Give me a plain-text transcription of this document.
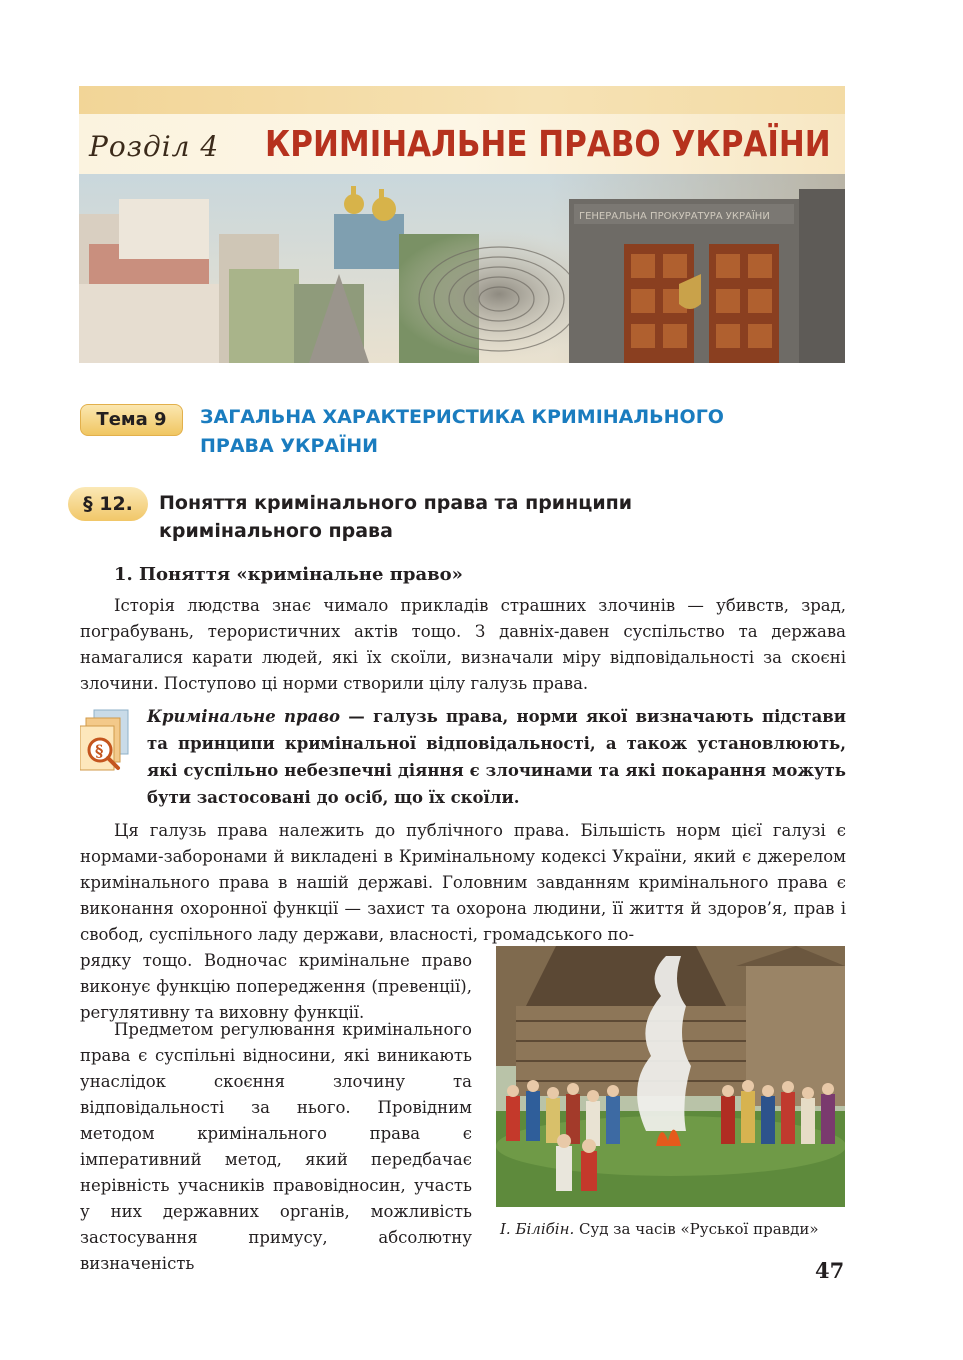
Розділ 4 КРИМІНАЛЬНЕ ПРАВО УКРАЇНИ
ГЕНЕРАЛЬНА ПРОКУРАТУРА УКРАЇНИ
Тема 9	ЗАГАЛЬНА ХАРАКТЕРИСТИКА КРИМІНАЛЬНОГО
ПРАВА УКРАЇНИ
§ 12.	Поняття кримінального права та принципи
кримінального права
1. Поняття «кримінальне право»
Історія людства знає чимало прикладів страшних злочинів — убивств, зрад, пограбувань, терористичних актів тощо. З давніх-давен суспільство та держава намагалися карати людей, які їх скоїли, визначали міру відповідальності за скоєні злочини. Поступово ці норми створили цілу галузь права.
§
Кримінальне право — галузь права, норми якої визначають підстави та принципи кримінальної відповідальності, а також установлюють, які суспільно небезпечні діяння є злочинами та які покарання можуть бути застосовані до осіб, що їх скоїли.
Ця галузь права належить до публічного права. Більшість норм цієї галузі є нормами-заборонами й викладені в Кримінальному кодексі України, який є джерелом кримінального права в нашій державі. Головним завданням кримінального права є виконання охоронної функції — захист та охорона людини, її життя й здоров’я, прав і свобод, суспільного ладу держави, власності, громадського по-
рядку тощо. Водночас кримінальне право виконує функцію попередження (превенції), регулятивну та виховну функції.
Предметом регулювання кримінального права є суспільні відносини, які виникають унаслідок скоєння злочину та відповідальності за нього. Провідним методом кримінального права є імперативний метод, який передбачає нерівність учасників правовідносин, участь у них державних органів, можливість застосування примусу, абсолютну визначеність
І. Білібін. Суд за часів «Руської правди»
47
